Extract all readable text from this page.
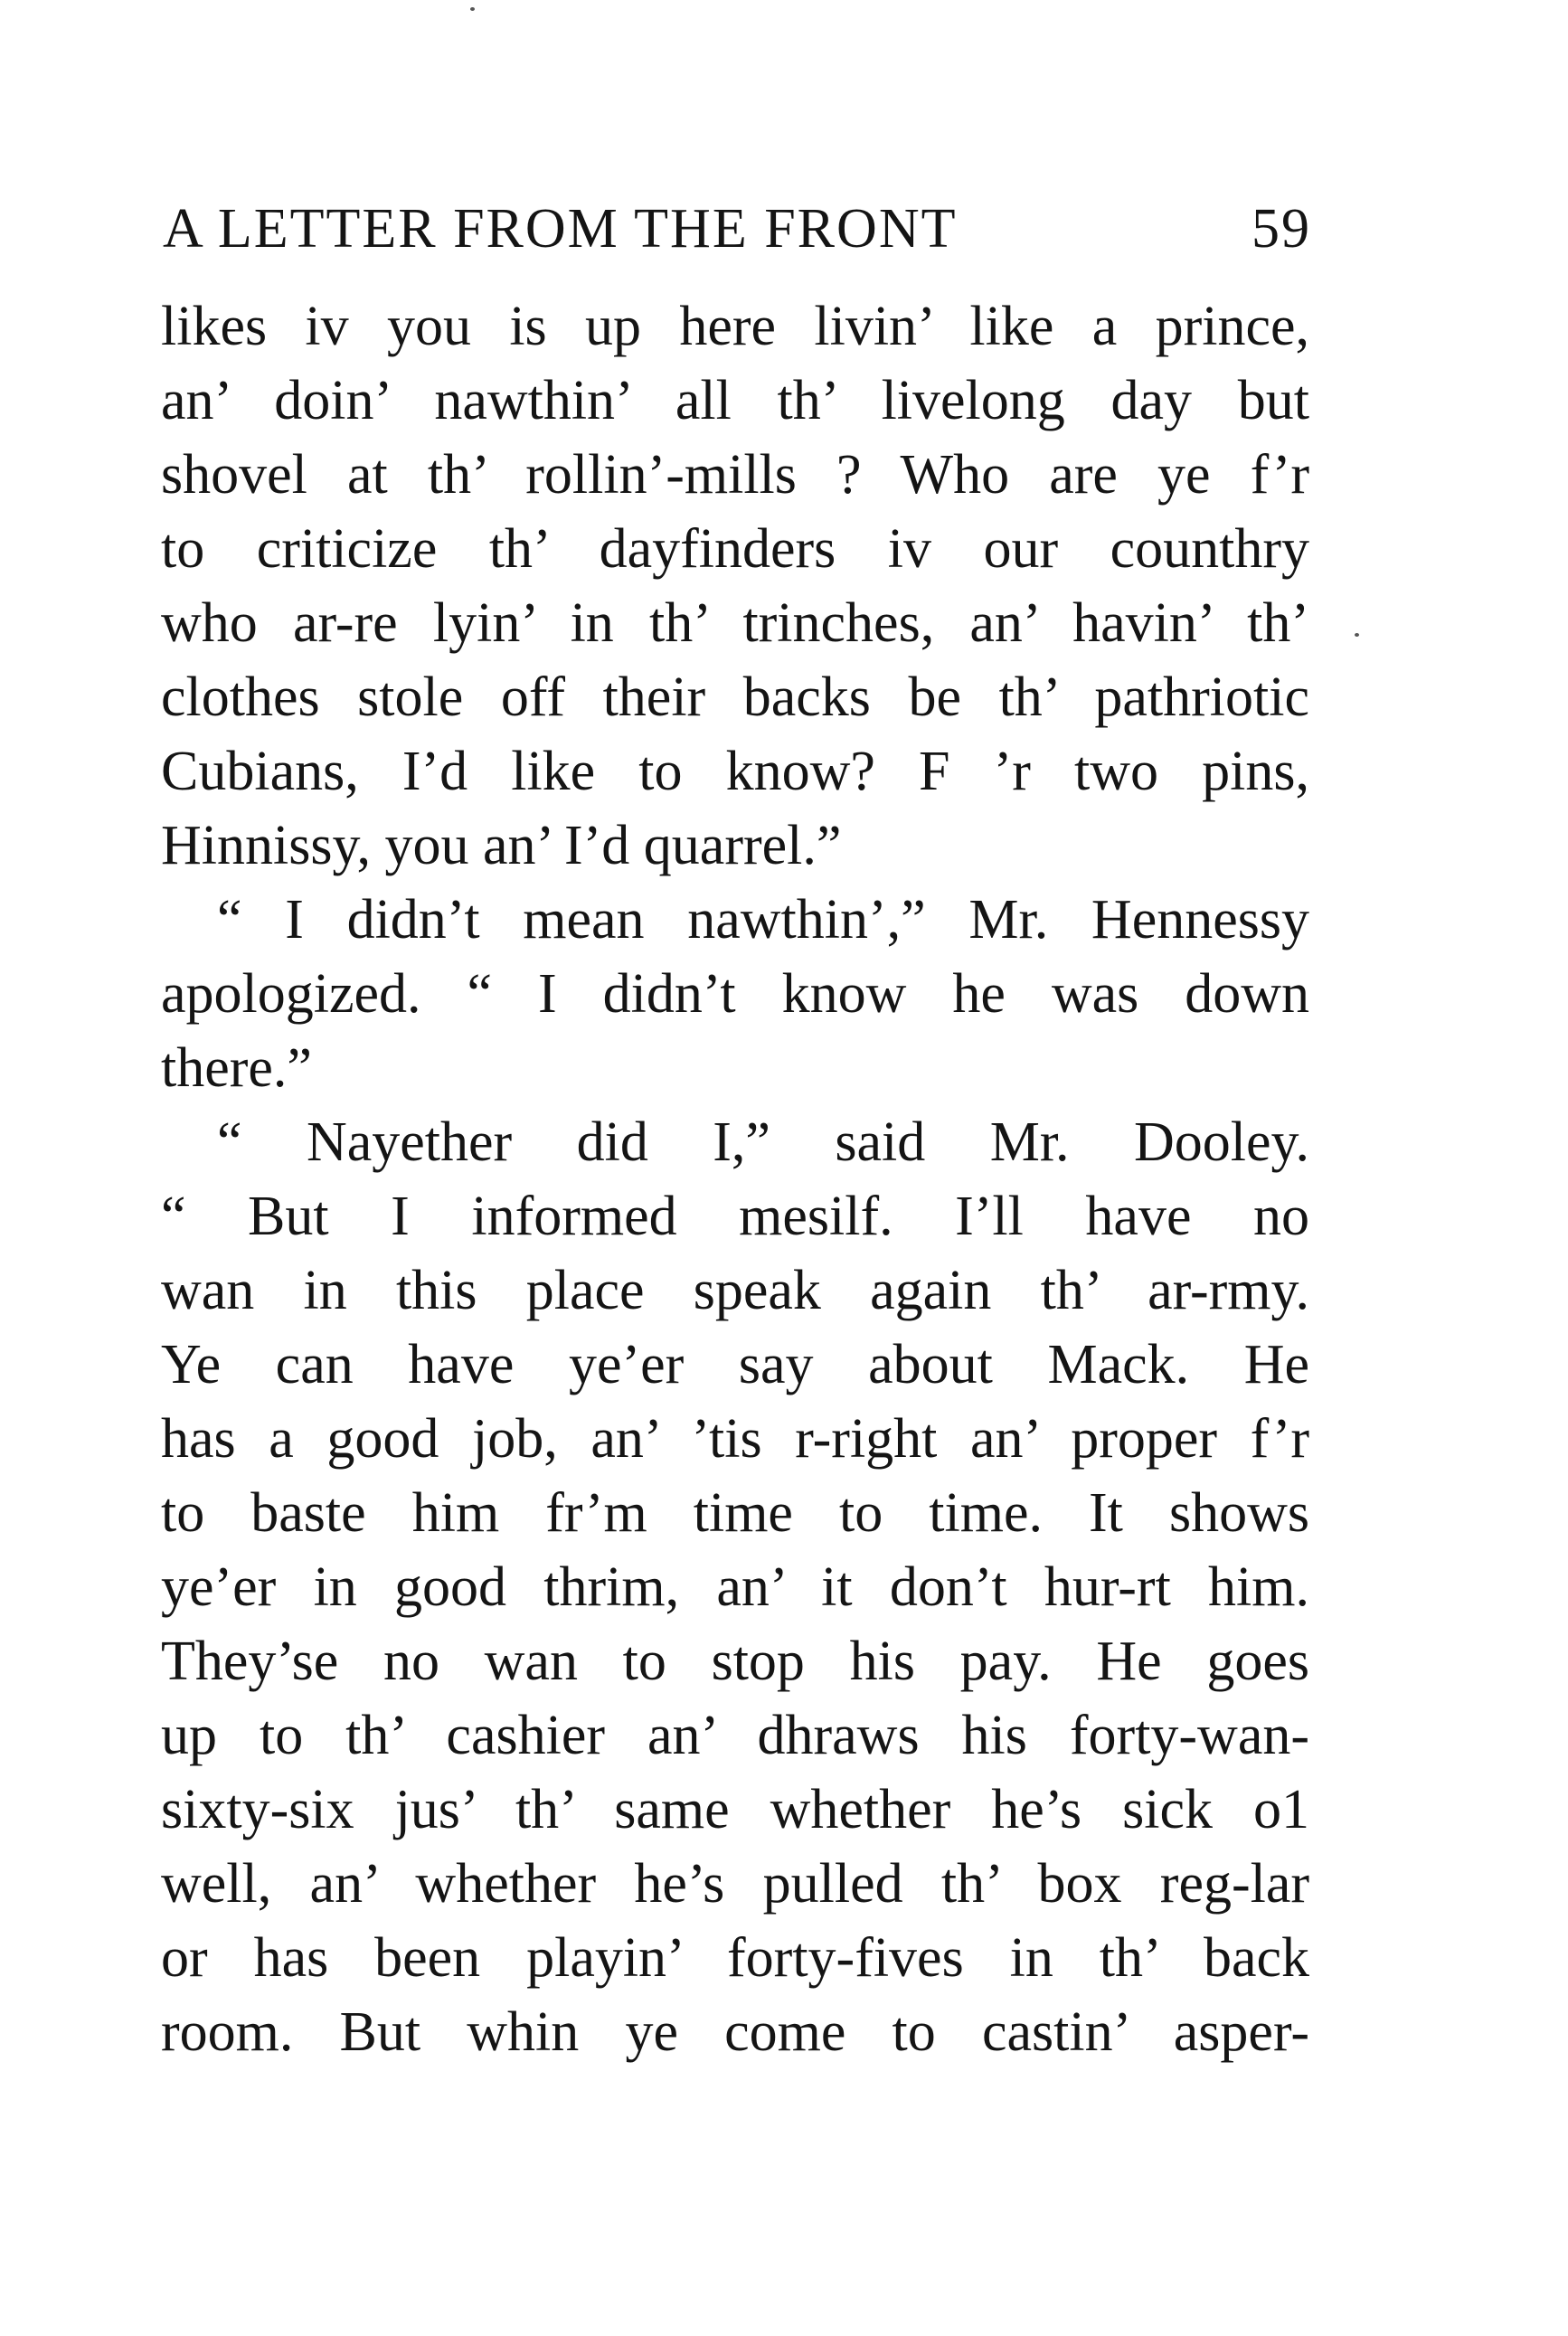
A LETTER FROM THE FRONT	59
likes iv you is up here livin’ like a prince,
an’ doin’ nawthin’ all th’ livelong day but
shovel at th’ rollin’-mills ? Who are ye f’r
to criticize th’ dayfinders iv our counthry
who ar-re lyin’ in th’ trinches, an’ havin’ th’
clothes stole off their backs be th’ pathriotic
Cubians, I’d like to know? F ’r two pins,
Hinnissy, you an’ I’d quarrel.”
“ I didn’t mean nawthin’,” Mr. Hennessy
apologized. “ I didn’t know he was down
there.”
“ Nayether did I,” said Mr. Dooley.
“ But I informed mesilf. I’ll have no
wan in this place speak again th’ ar-rmy.
Ye can have ye’er say about Mack. He
has a good job, an’ ’tis r-right an’ proper f’r
to baste him fr’m time to time. It shows
ye’er in good thrim, an’ it don’t hur-rt him.
They’se no wan to stop his pay. He goes
up to th’ cashier an’ dhraws his forty-wan-
sixty-six jus’ th’ same whether he’s sick o1
well, an’ whether he’s pulled th’ box reg-lar
or has been playin’ forty-fives in th’ back
room. But whin ye come to castin’ asper-
